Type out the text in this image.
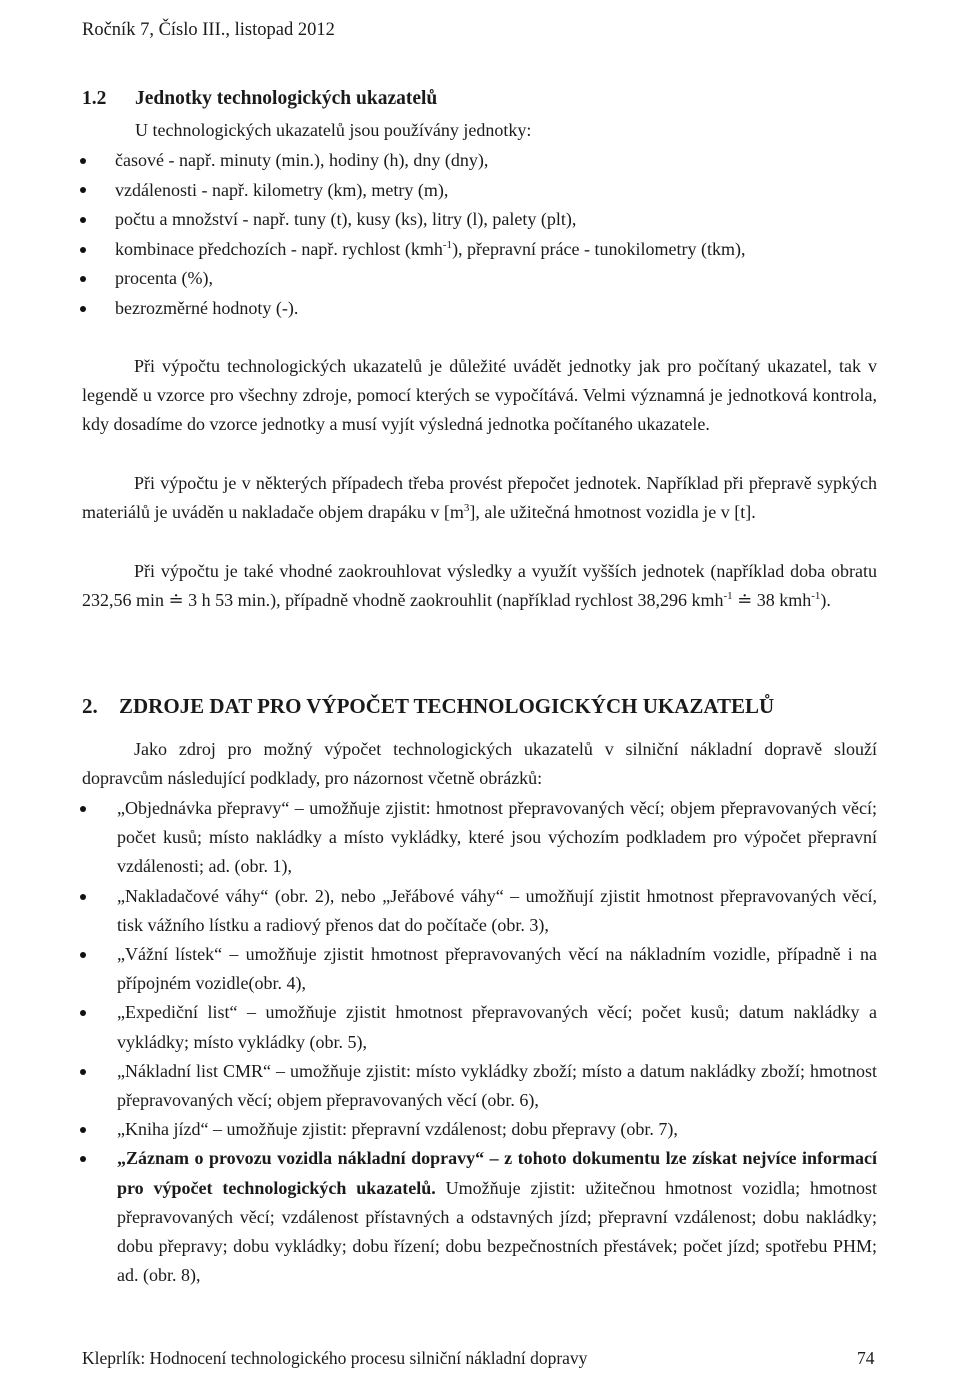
Ročník 7, Číslo III., listopad 2012
1.2 Jednotky technologických ukazatelů
U technologických ukazatelů jsou používány jednotky:
časové - např. minuty (min.), hodiny (h), dny (dny),
vzdálenosti - např. kilometry (km), metry (m),
počtu a množství - např. tuny (t), kusy (ks), litry (l), palety (plt),
kombinace předchozích - např. rychlost (kmh$^{-1}$), přepravní práce - tunokilometry (tkm),
procenta (%),
bezrozměrné hodnoty (-).

Při výpočtu technologických ukazatelů je důležité uvádět jednotky jak pro počítaný ukazatel, tak v legendě u vzorce pro všechny zdroje, pomocí kterých se vypočítává. Velmi významná je jednotková kontrola, kdy dosadíme do vzorce jednotky a musí vyjít výsledná jednotka počítaného ukazatele.

Při výpočtu je v některých případech třeba provést přepočet jednotek. Například při přepravě sypkých materiálů je uváděn u nakladače objem drapáku v $[m^3]$, ale užitečná hmotnost vozidla je v [t].

Při výpočtu je také vhodné zaokrouhlovat výsledky a využít vyšších jednotek (například doba obratu 232,56 min ≐ 3 h 53 min.), případně vhodně zaokrouhlit (například rychlost 38,296 kmh$^{-1}$ ≐ 38 kmh$^{-1}$).

2. ZDROJE DAT PRO VÝPOČET TECHNOLOGICKÝCH UKAZATELŮ

Jako zdroj pro možný výpočet technologických ukazatelů v silniční nákladní dopravě slouží dopravcům následující podklady, pro názornost včetně obrázků:

„Objednávka přepravy“ – umožňuje zjistit: hmotnost přepravovaných věcí; objem přepravovaných věcí; počet kusů; místo nakládky a místo vykládky, které jsou výchozím podkladem pro výpočet přepravní vzdálenosti; ad. (obr. 1),
„Nakladačové váhy“ (obr. 2), nebo „Jeřábové váhy“ – umožňují zjistit hmotnost přepravovaných věcí, tisk vážního lístku a radiový přenos dat do počítače (obr. 3),
„Vážní lístek“ – umožňuje zjistit hmotnost přepravovaných věcí na nákladním vozidle, případně i na přípojném vozidle(obr. 4),
„Expediční list“ – umožňuje zjistit hmotnost přepravovaných věcí; počet kusů; datum nakládky a vykládky; místo vykládky (obr. 5),
„Nákladní list CMR“ – umožňuje zjistit: místo vykládky zboží; místo a datum nakládky zboží; hmotnost přepravovaných věcí; objem přepravovaných věcí (obr. 6),
„Kniha jízd“ – umožňuje zjistit: přepravní vzdálenost; dobu přepravy (obr. 7),
„Záznam o provozu vozidla nákladní dopravy“ – z tohoto dokumentu lze získat nejvíce informací pro výpočet technologických ukazatelů. Umožňuje zjistit: užitečnou hmotnost vozidla; hmotnost přepravovaných věcí; vzdálenost přístavných a odstavných jízd; přepravní vzdálenost; dobu nakládky; dobu přepravy; dobu vykládky; dobu řízení; dobu bezpečnostních přestávek; počet jízd; spotřebu PHM; ad. (obr. 8),
Kleprlík: Hodnocení technologického procesu silniční nákladní dopravy	74
